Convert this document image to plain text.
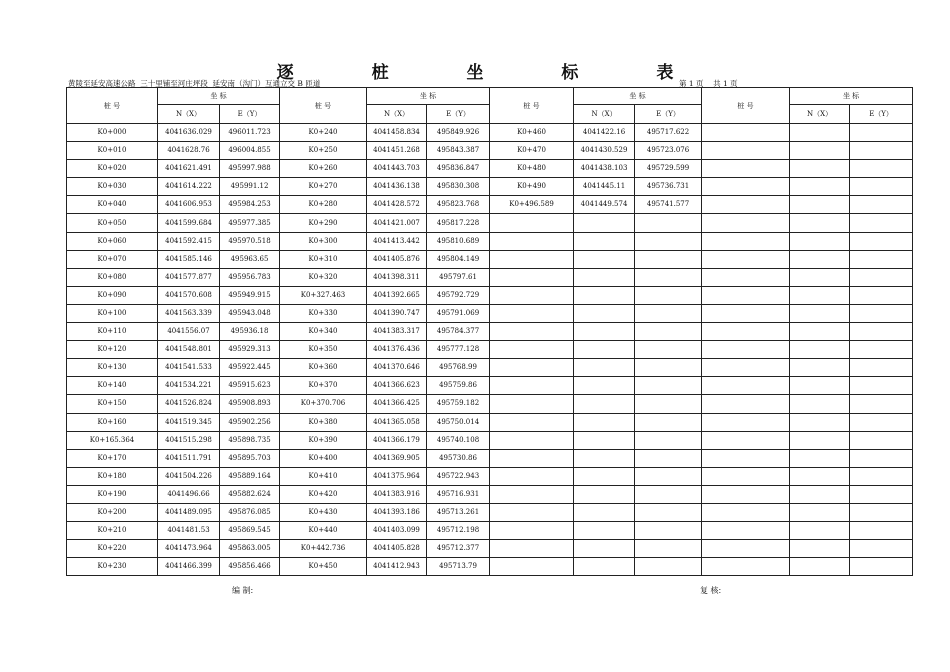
逐 桩 坐 标 表
黄陵至延安高速公路  三十里铺至河庄坪段  延安南（沟门）互通立交 B 匝道	第 1 页    共 1 页
桩 号	坐 标		桩 号	坐 标		桩 号	坐 标		桩 号	坐 标	
	N（X）	E（Y）		N（X）	E（Y）		N（X）	E（Y）		N（X）	E（Y）
K0+000	4041636.029	496011.723	K0+240	4041458.834	495849.926	K0+460	4041422.16	495717.622			
K0+010	4041628.76	496004.855	K0+250	4041451.268	495843.387	K0+470	4041430.529	495723.076			
K0+020	4041621.491	495997.988	K0+260	4041443.703	495836.847	K0+480	4041438.103	495729.599			
K0+030	4041614.222	495991.12	K0+270	4041436.138	495830.308	K0+490	4041445.11	495736.731			
K0+040	4041606.953	495984.253	K0+280	4041428.572	495823.768	K0+496.589	4041449.574	495741.577			
K0+050	4041599.684	495977.385	K0+290	4041421.007	495817.228						
K0+060	4041592.415	495970.518	K0+300	4041413.442	495810.689						
K0+070	4041585.146	495963.65	K0+310	4041405.876	495804.149						
K0+080	4041577.877	495956.783	K0+320	4041398.311	495797.61						
K0+090	4041570.608	495949.915	K0+327.463	4041392.665	495792.729						
K0+100	4041563.339	495943.048	K0+330	4041390.747	495791.069						
K0+110	4041556.07	495936.18	K0+340	4041383.317	495784.377						
K0+120	4041548.801	495929.313	K0+350	4041376.436	495777.128						
K0+130	4041541.533	495922.445	K0+360	4041370.646	495768.99						
K0+140	4041534.221	495915.623	K0+370	4041366.623	495759.86						
K0+150	4041526.824	495908.893	K0+370.706	4041366.425	495759.182						
K0+160	4041519.345	495902.256	K0+380	4041365.058	495750.014						
K0+165.364	4041515.298	495898.735	K0+390	4041366.179	495740.108						
K0+170	4041511.791	495895.703	K0+400	4041369.905	495730.86						
K0+180	4041504.226	495889.164	K0+410	4041375.964	495722.943						
K0+190	4041496.66	495882.624	K0+420	4041383.916	495716.931						
K0+200	4041489.095	495876.085	K0+430	4041393.186	495713.261						
K0+210	4041481.53	495869.545	K0+440	4041403.099	495712.198						
K0+220	4041473.964	495863.005	K0+442.736	4041405.828	495712.377						
K0+230	4041466.399	495856.466	K0+450	4041412.943	495713.79						
编 制:	复 核:
